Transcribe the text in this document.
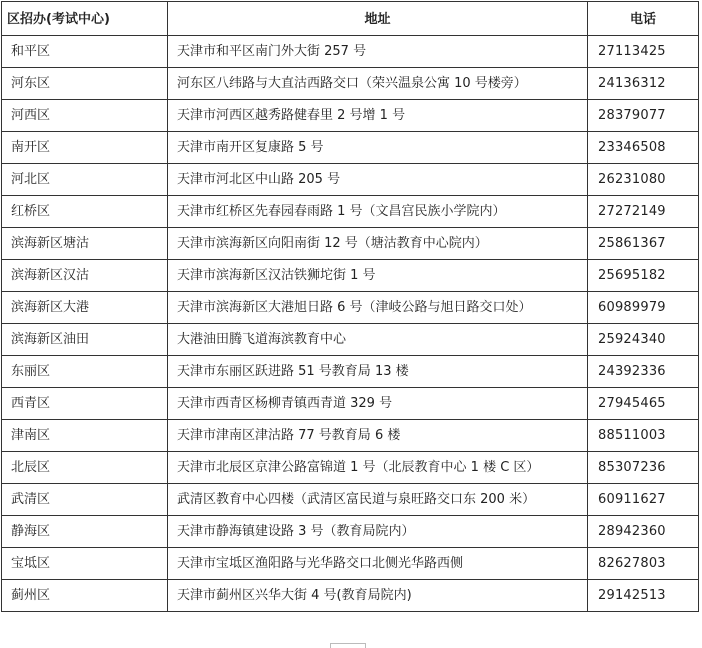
区招办(考试中心)	地址	电话
和平区	天津市和平区南门外大街 257 号	27113425
河东区	河东区八纬路与大直沽西路交口（荣兴温泉公寓 10 号楼旁）	24136312
河西区	天津市河西区越秀路健春里 2 号增 1 号	28379077
南开区	天津市南开区复康路 5 号	23346508
河北区	天津市河北区中山路 205 号	26231080
红桥区	天津市红桥区先春园春雨路 1 号（文昌宫民族小学院内）	27272149
滨海新区塘沽	天津市滨海新区向阳南街 12 号（塘沽教育中心院内）	25861367
滨海新区汉沽	天津市滨海新区汉沽铁狮坨街 1 号	25695182
滨海新区大港	天津市滨海新区大港旭日路 6 号（津岐公路与旭日路交口处）	60989979
滨海新区油田	大港油田腾飞道海滨教育中心	25924340
东丽区	天津市东丽区跃进路 51 号教育局 13 楼	24392336
西青区	天津市西青区杨柳青镇西青道 329 号	27945465
津南区	天津市津南区津沽路 77 号教育局 6 楼	88511003
北辰区	天津市北辰区京津公路富锦道 1 号（北辰教育中心 1 楼 C 区）	85307236
武清区	武清区教育中心四楼（武清区富民道与泉旺路交口东 200 米）	60911627
静海区	天津市静海镇建设路 3 号（教育局院内）	28942360
宝坻区	天津市宝坻区渔阳路与光华路交口北侧光华路西侧	82627803
蓟州区	天津市蓟州区兴华大街 4 号(教育局院内)	29142513
